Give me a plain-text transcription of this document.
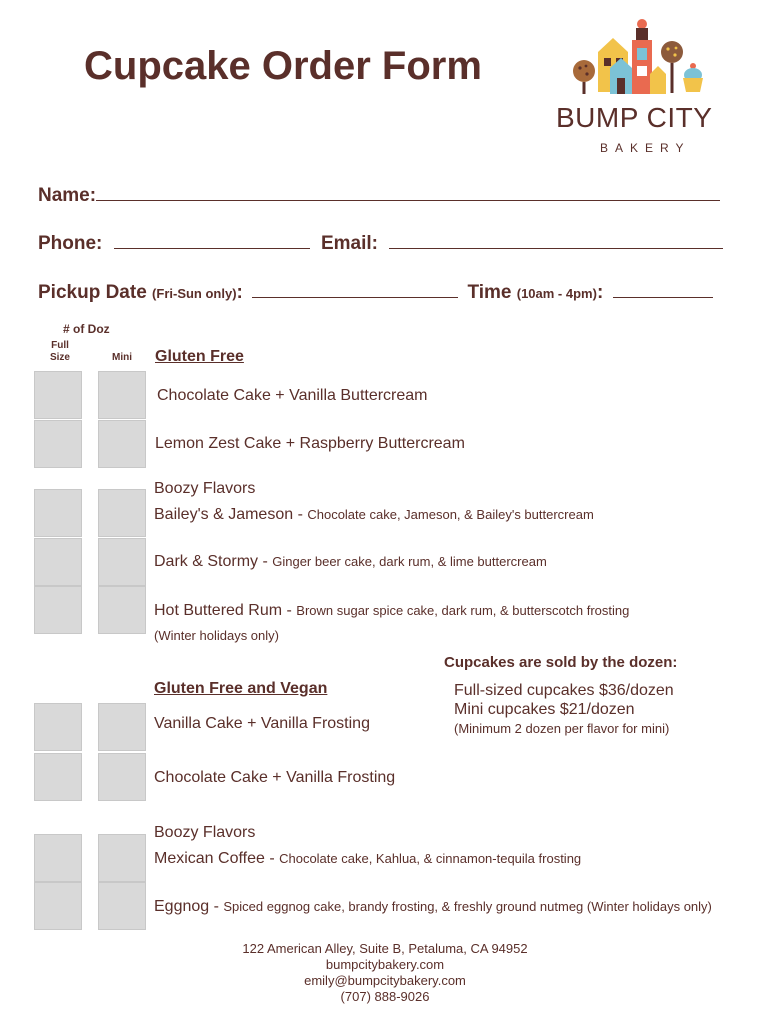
Cupcake Order Form
BUMP CITY
BAKERY
Name:
Phone:	Email:
Pickup Date (Fri-Sun only):	Time (10am - 4pm):
# of Doz
Full Size	Mini Gluten Free
Chocolate Cake + Vanilla Buttercream
Lemon Zest Cake + Raspberry Buttercream
Boozy Flavors
Bailey's & Jameson - Chocolate cake, Jameson, & Bailey's buttercream
Dark & Stormy - Ginger beer cake, dark rum, & lime buttercream
Hot Buttered Rum - Brown sugar spice cake, dark rum, & butterscotch frosting
(Winter holidays only)
Cupcakes are sold by the dozen:
Full-sized cupcakes $36/dozen
Mini cupcakes $21/dozen
(Minimum 2 dozen per flavor for mini)
Gluten Free and Vegan
Vanilla Cake + Vanilla Frosting
Chocolate Cake + Vanilla Frosting
Boozy Flavors
Mexican Coffee - Chocolate cake, Kahlua, & cinnamon-tequila frosting
Eggnog - Spiced eggnog cake, brandy frosting, & freshly ground nutmeg (Winter holidays only)
122 American Alley, Suite B, Petaluma, CA 94952
bumpcitybakery.com
emily@bumpcitybakery.com
(707) 888-9026
